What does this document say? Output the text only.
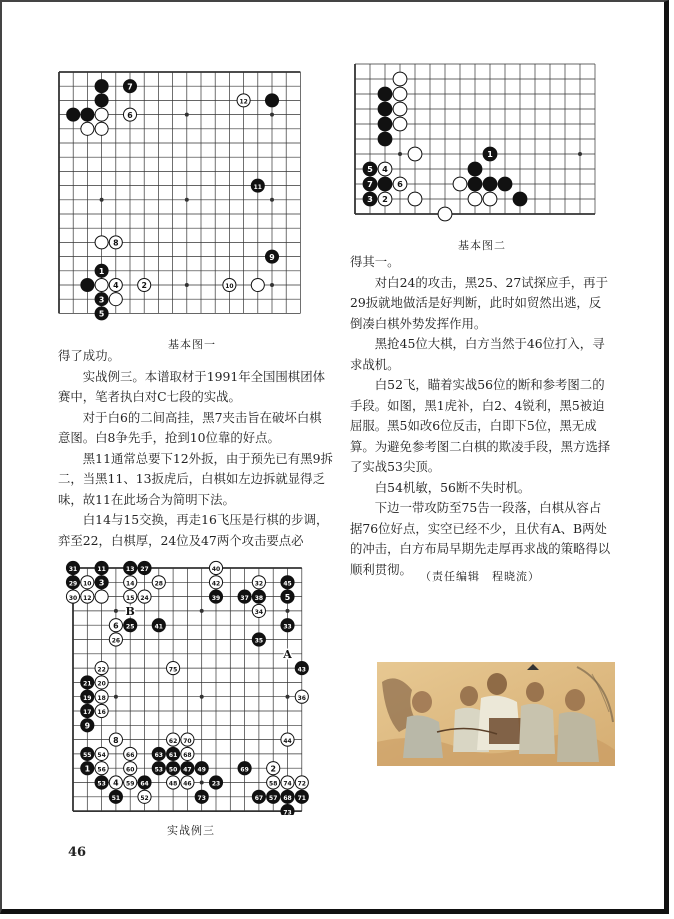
7
12
6
11
8
9
1
4	2	10
3
5
基本图一
1
5 4
7	6
3 2
基本图二
B
A
31	11	13 27	40
29 10 3	14	28	42	32	45
30 12	15 24	39	37 38	5
34
6 25	41	33
26	35
22	75	43
21 20
19 18	36
17 16
9
8	62 70	44
55 54	66	63 61 68
1 56	60	53 50 47 49	69	2
53 4 59 64	48 46	23	58 74 72
51	52	73	67 57 68 71
73
实战例三

得了成功。

实战例三。本谱取材于1991年全国围棋团体赛中，笔者执白对C七段的实战。

对于白6的二间高挂，黑7夹击旨在破坏白棋意图。白8争先手，抢到10位靠的好点。

黑11通常总要下12外扳，由于预先已有黑9拆二，当黑11、13扳虎后，白棋如左边拆就显得乏味，故11在此场合为简明下法。

白14与15交换，再走16飞压是行棋的步调，弈至22，白棋厚，24位及47两个攻击要点必

得其一。

对白24的攻击，黑25、27试探应手，再于29扳就地做活是好判断，此时如贸然出逃，反倒凑白棋外势发挥作用。

黑抢45位大棋，白方当然于46位打入，寻求战机。

白52飞，瞄着实战56位的断和参考图二的手段。如图，黑1虎补，白2、4锐利，黑5被迫屈服。黑5如改6位反击，白即下5位，黑无成算。为避免参考图二白棋的欺凌手段，黑方选择了实战53尖顶。

白54机敏，56断不失时机。

下边一带攻防至75告一段落，白棋从容占据76位好点，实空已经不少，且伏有A、B两处的冲击，白方布局早期先走厚再求战的策略得以顺利贯彻。 （责任编辑　程晓流）
46
